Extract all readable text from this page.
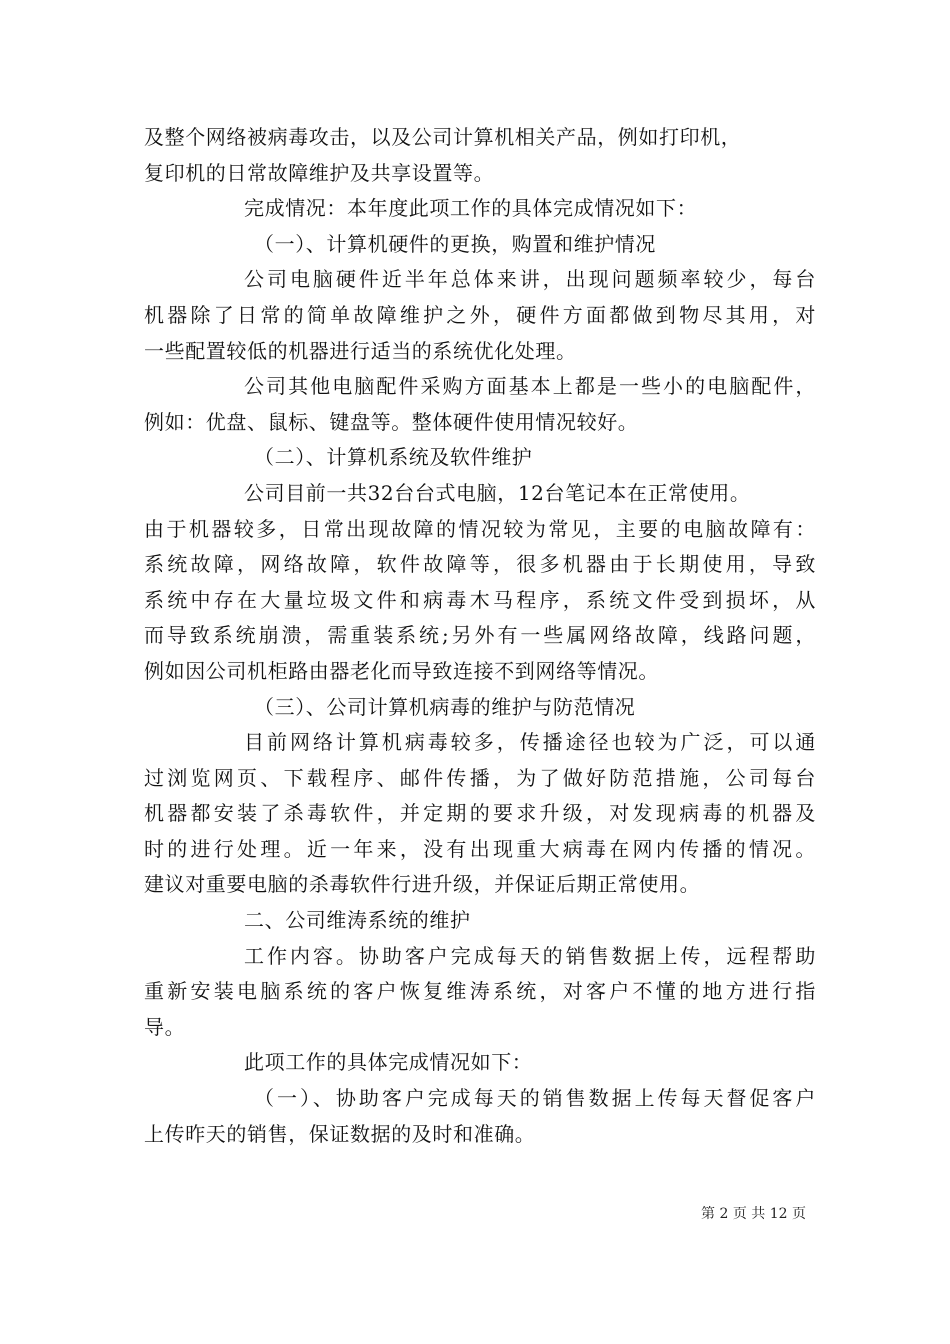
及整个网络被病毒攻击，以及公司计算机相关产品，例如打印机，
复印机的日常故障维护及共享设置等。
完成情况：本年度此项工作的具体完成情况如下：
（一）、计算机硬件的更换，购置和维护情况
公司电脑硬件近半年总体来讲，出现问题频率较少，每台
机器除了日常的简单故障维护之外，硬件方面都做到物尽其用，对
一些配置较低的机器进行适当的系统优化处理。
公司其他电脑配件采购方面基本上都是一些小的电脑配件，
例如：优盘、鼠标、键盘等。整体硬件使用情况较好。
（二）、计算机系统及软件维护
公司目前一共32台台式电脑，12台笔记本在正常使用。
由于机器较多，日常出现故障的情况较为常见，主要的电脑故障有：
系统故障，网络故障，软件故障等，很多机器由于长期使用，导致
系统中存在大量垃圾文件和病毒木马程序，系统文件受到损坏，从
而导致系统崩溃，需重装系统;另外有一些属网络故障，线路问题，
例如因公司机柜路由器老化而导致连接不到网络等情况。
（三）、公司计算机病毒的维护与防范情况
目前网络计算机病毒较多，传播途径也较为广泛，可以通
过浏览网页、下载程序、邮件传播，为了做好防范措施，公司每台
机器都安装了杀毒软件，并定期的要求升级，对发现病毒的机器及
时的进行处理。近一年来，没有出现重大病毒在网内传播的情况。
建议对重要电脑的杀毒软件行进升级，并保证后期正常使用。
二、公司维涛系统的维护
工作内容。协助客户完成每天的销售数据上传，远程帮助
重新安装电脑系统的客户恢复维涛系统，对客户不懂的地方进行指
导。
此项工作的具体完成情况如下：
（一）、协助客户完成每天的销售数据上传每天督促客户
上传昨天的销售，保证数据的及时和准确。
第 2 页 共 12 页
